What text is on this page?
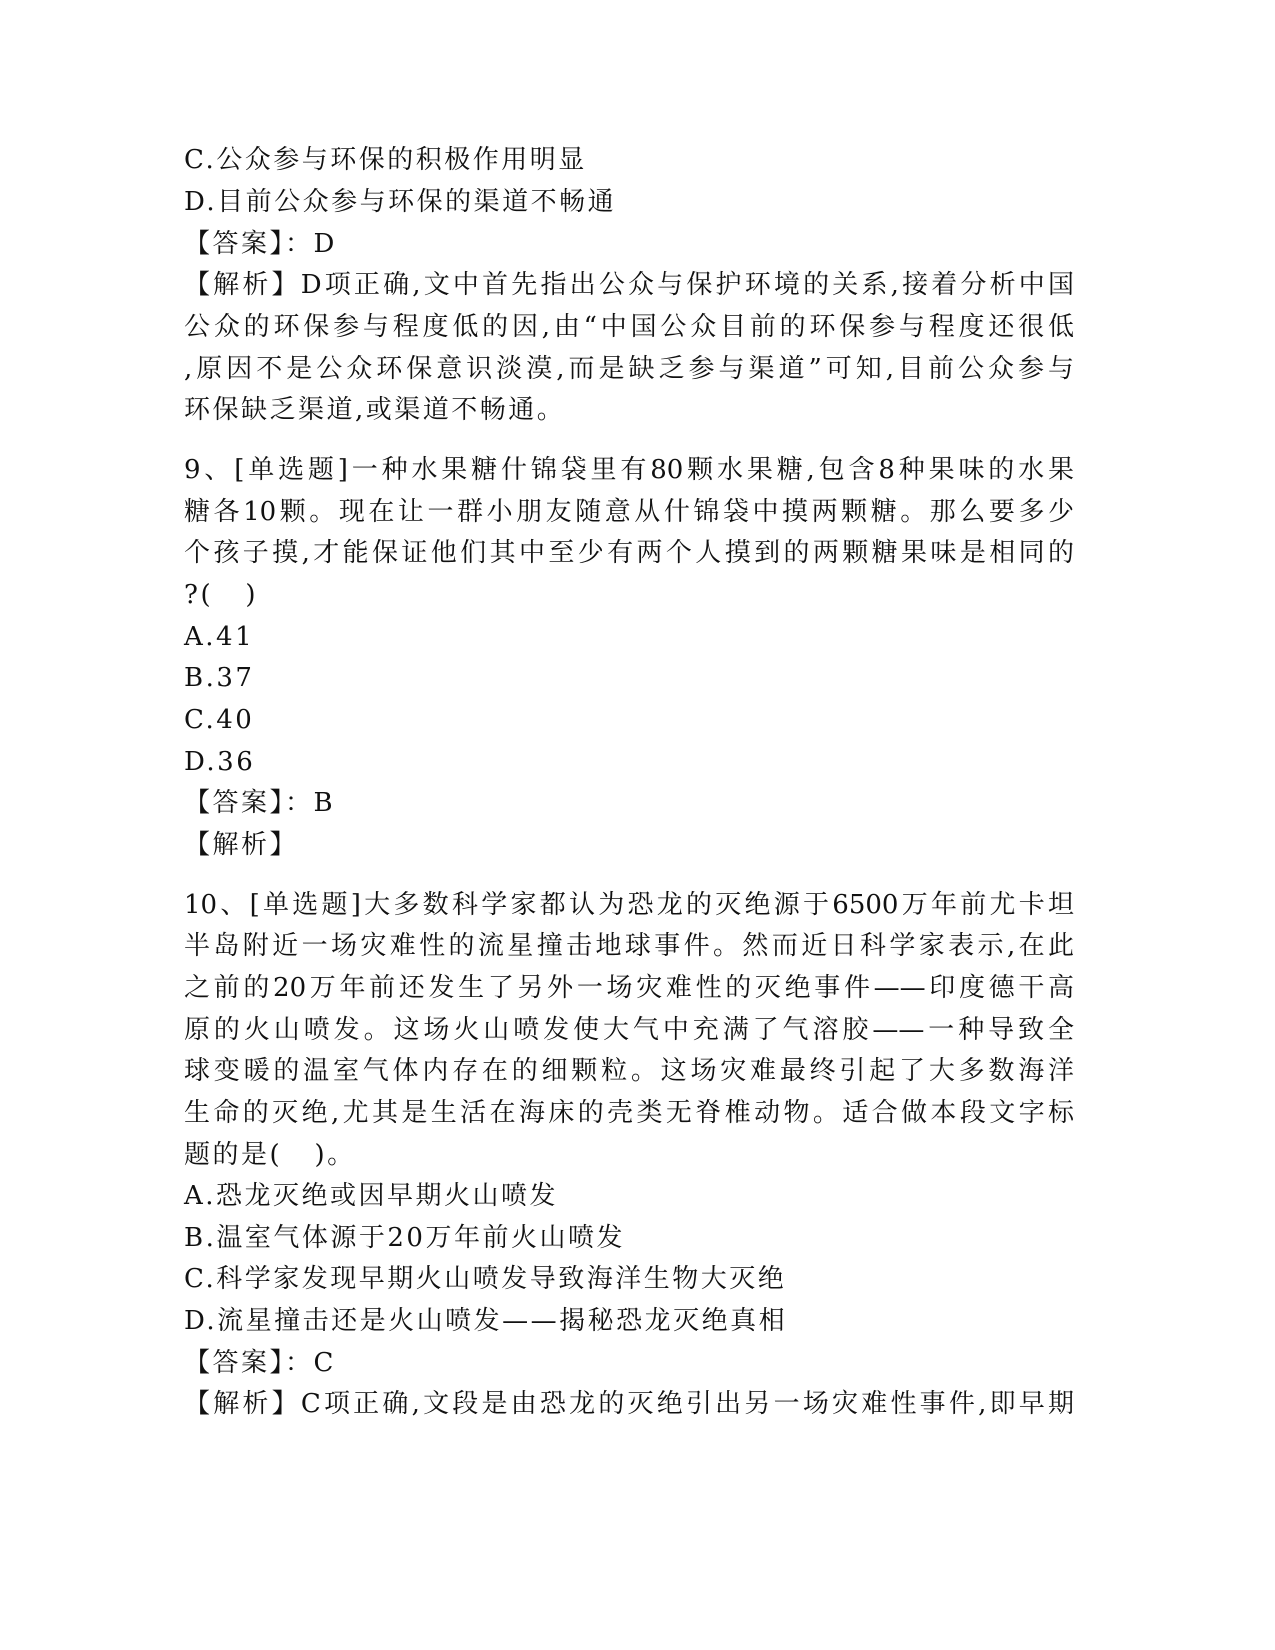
C.公众参与环保的积极作用明显
D.目前公众参与环保的渠道不畅通
【答案】：D
【解析】D项正确,文中首先指出公众与保护环境的关系,接着分析中国
公众的环保参与程度低的因,由“中国公众目前的环保参与程度还很低
,原因不是公众环保意识淡漠,而是缺乏参与渠道”可知,目前公众参与
环保缺乏渠道,或渠道不畅通。
9、[单选题]一种水果糖什锦袋里有80颗水果糖,包含8种果味的水果
糖各10颗。现在让一群小朋友随意从什锦袋中摸两颗糖。那么要多少
个孩子摸,才能保证他们其中至少有两个人摸到的两颗糖果味是相同的
?(   )
A.41
B.37
C.40
D.36
【答案】：B
【解析】
10、[单选题]大多数科学家都认为恐龙的灭绝源于6500万年前尤卡坦
半岛附近一场灾难性的流星撞击地球事件。然而近日科学家表示,在此
之前的20万年前还发生了另外一场灾难性的灭绝事件——印度德干高
原的火山喷发。这场火山喷发使大气中充满了气溶胶——一种导致全
球变暖的温室气体内存在的细颗粒。这场灾难最终引起了大多数海洋
生命的灭绝,尤其是生活在海床的壳类无脊椎动物。适合做本段文字标
题的是(   )。
A.恐龙灭绝或因早期火山喷发
B.温室气体源于20万年前火山喷发
C.科学家发现早期火山喷发导致海洋生物大灭绝
D.流星撞击还是火山喷发——揭秘恐龙灭绝真相
【答案】：C
【解析】C项正确,文段是由恐龙的灭绝引出另一场灾难性事件,即早期
